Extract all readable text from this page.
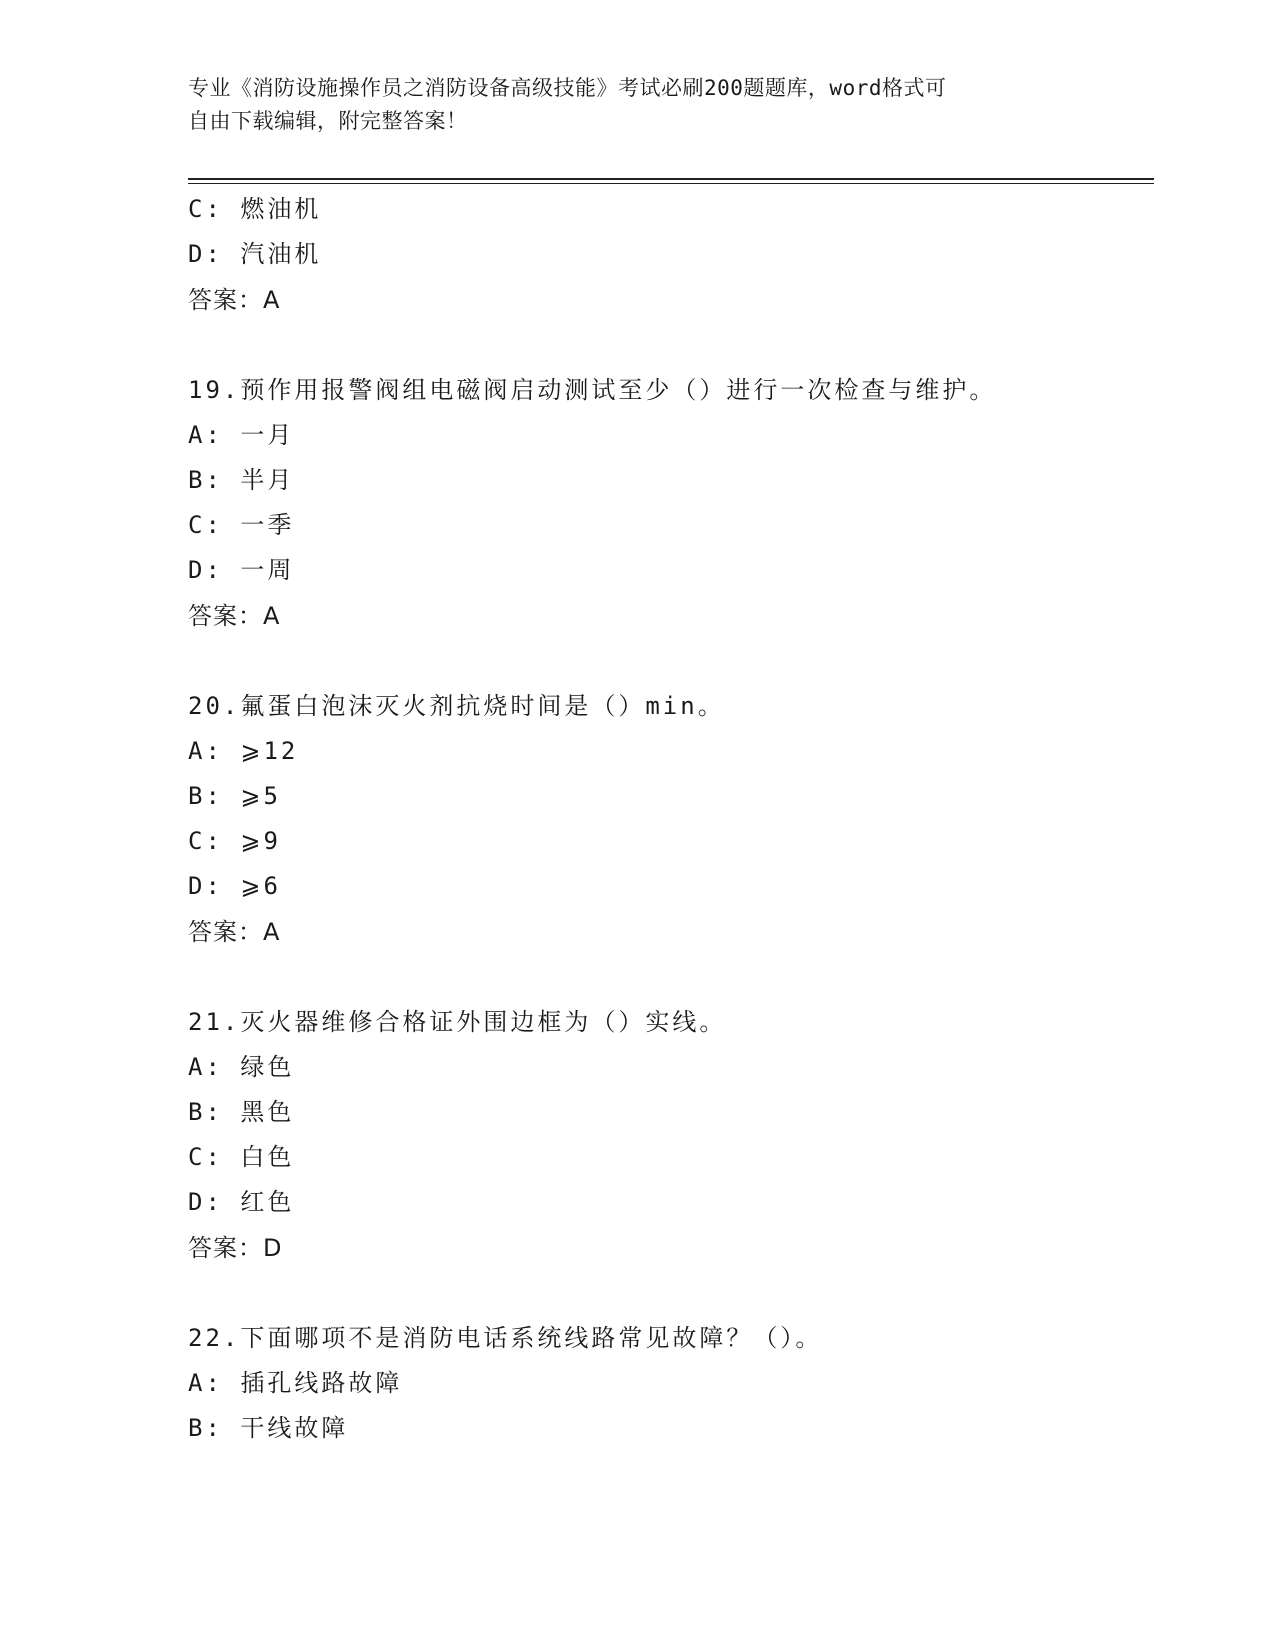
专业《消防设施操作员之消防设备高级技能》考试必刷200题题库，word格式可
自由下载编辑，附完整答案！
C: 燃油机
D: 汽油机
答案：A
19.预作用报警阀组电磁阀启动测试至少（）进行一次检查与维护。
A: 一月
B: 半月
C: 一季
D: 一周
答案：A
20.氟蛋白泡沫灭火剂抗烧时间是（）min。
A: ⩾12
B: ⩾5
C: ⩾9
D: ⩾6
答案：A
21.灭火器维修合格证外围边框为（）实线。
A: 绿色
B: 黑色
C: 白色
D: 红色
答案：D
22.下面哪项不是消防电话系统线路常见故障？（）。
A: 插孔线路故障
B: 干线故障
